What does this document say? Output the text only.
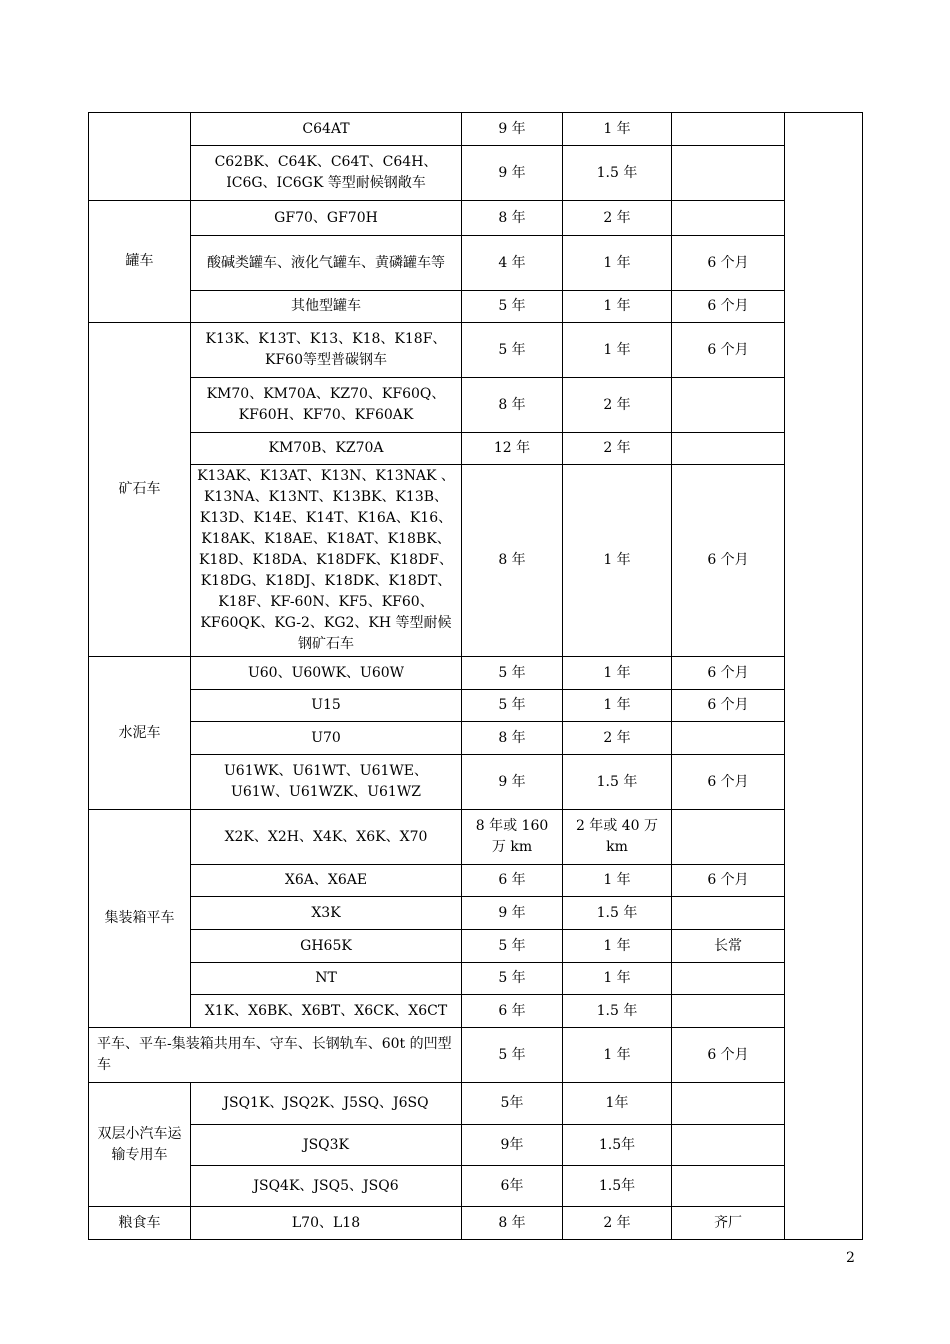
	C64AT	9 年	1 年		
	C62BK、C64K、C64T、C64H、IC6G、IC6GK 等型耐候钢敞车	9 年	1.5 年		
罐车	GF70、GF70H	8 年	2 年		
	酸碱类罐车、液化气罐车、黄磷罐车等	4 年	1 年	6 个月	
	其他型罐车	5 年	1 年	6 个月	
矿石车	K13K、K13T、K13、K18、K18F、KF60等型普碳钢车	5 年	1 年	6 个月	
	KM70、KM70A、KZ70、KF60Q、KF60H、KF70、KF60AK	8 年	2 年		
	KM70B、KZ70A	12 年	2 年		
	K13AK、K13AT、K13N、K13NAK 、K13NA、K13NT、K13BK、K13B、K13D、K14E、K14T、K16A、K16、K18AK、K18AE、K18AT、K18BK、K18D、K18DA、K18DFK、K18DF、K18DG、K18DJ、K18DK、K18DT、K18F、KF-60N、KF5、KF60、KF60QK、KG-2、KG2、KH 等型耐候钢矿石车	8 年	1 年	6 个月	
水泥车	U60、U60WK、U60W	5 年	1 年	6 个月	
	U15	5 年	1 年	6 个月	
	U70	8 年	2 年		
	U61WK、U61WT、U61WE、U61W、U61WZK、U61WZ	9 年	1.5 年	6 个月	
集装箱平车	X2K、X2H、X4K、X6K、X70	8 年或 160 万 km	2 年或 40 万 km		
	X6A、X6AE	6 年	1 年	6 个月	
	X3K	9 年	1.5 年		
	GH65K	5 年	1 年	长常	
	NT	5 年	1 年		
	X1K、X6BK、X6BT、X6CK、X6CT	6 年	1.5 年		
平车、平车-集装箱共用车、守车、长钢轨车、60t 的凹型车		5 年	1 年	6 个月	
双层小汽车运输专用车	JSQ1K、JSQ2K、J5SQ、J6SQ	5年	1年		
	JSQ3K	9年	1.5年		
	JSQ4K、JSQ5、JSQ6	6年	1.5年		
粮食车	L70、L18	8 年	2 年	齐厂	
2
